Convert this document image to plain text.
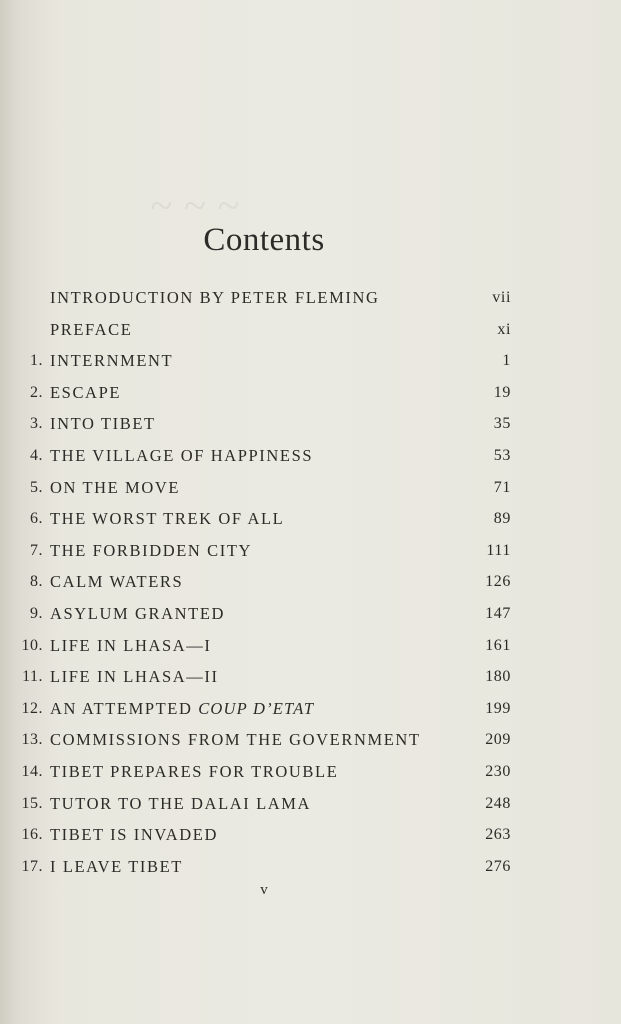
~ ~ ~
Contents
INTRODUCTION BY PETER FLEMING	vii
PREFACE	xi
1. INTERNMENT	1
2. ESCAPE	19
3. INTO TIBET	35
4. THE VILLAGE OF HAPPINESS	53
5. ON THE MOVE	71
6. THE WORST TREK OF ALL	89
7. THE FORBIDDEN CITY	111
8. CALM WATERS	126
9. ASYLUM GRANTED	147
10. LIFE IN LHASA—I	161
11. LIFE IN LHASA—II	180
12. AN ATTEMPTED COUP D’ETAT	199
13. COMMISSIONS FROM THE GOVERNMENT	209
14. TIBET PREPARES FOR TROUBLE	230
15. TUTOR TO THE DALAI LAMA	248
16. TIBET IS INVADED	263
17. I LEAVE TIBET	276
v
